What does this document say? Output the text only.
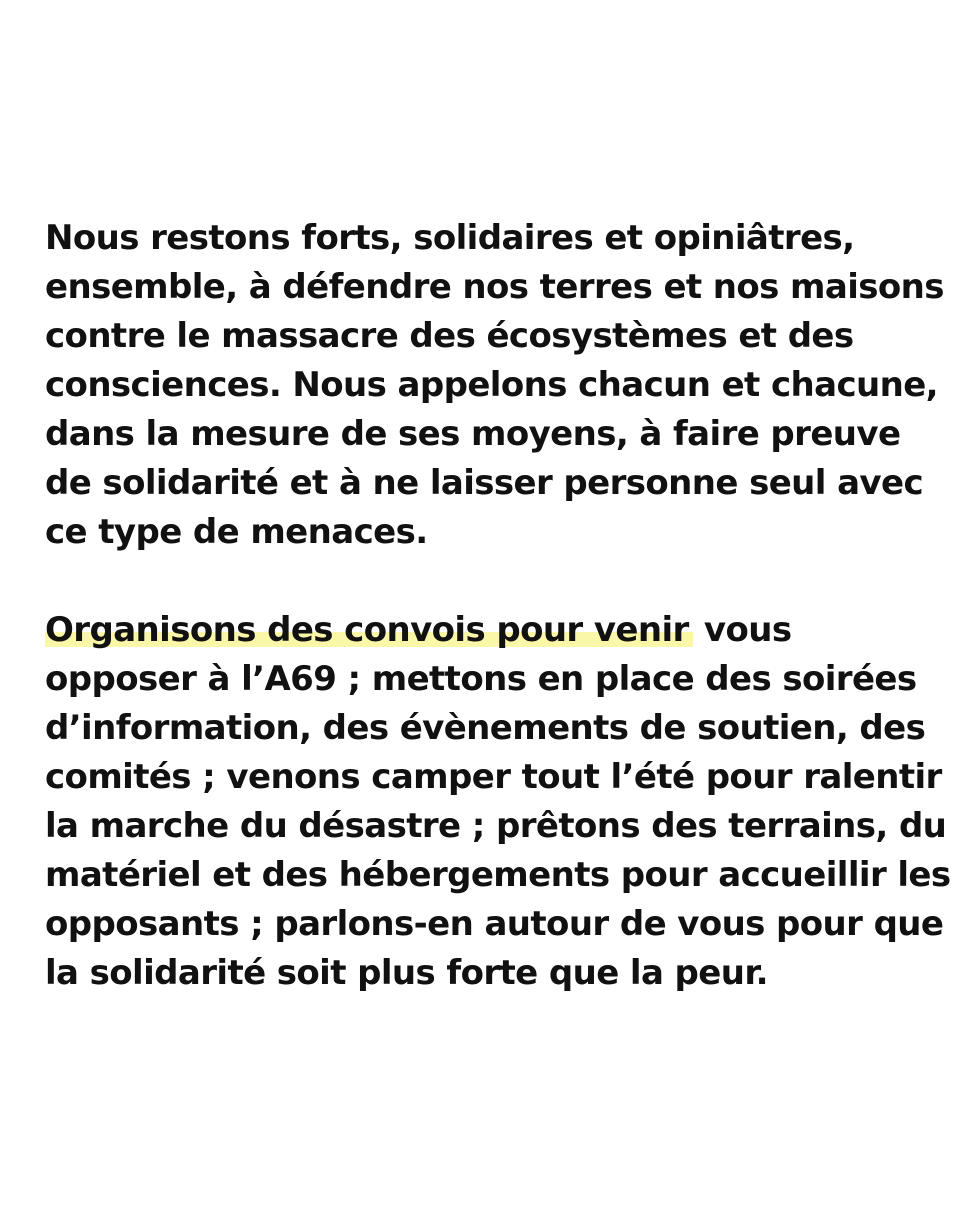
Nous restons forts, solidaires et opiniâtres,
ensemble, à défendre nos terres et nos maisons
contre le massacre des écosystèmes et des
consciences. Nous appelons chacun et chacune,
dans la mesure de ses moyens, à faire preuve
de solidarité et à ne laisser personne seul avec
ce type de menaces.

Organisons des convois pour venir vous
opposer à l’A69 ; mettons en place des soirées
d’information, des évènements de soutien, des
comités ; venons camper tout l’été pour ralentir
la marche du désastre ; prêtons des terrains, du
matériel et des hébergements pour accueillir les
opposants ; parlons-en autour de vous pour que
la solidarité soit plus forte que la peur.
